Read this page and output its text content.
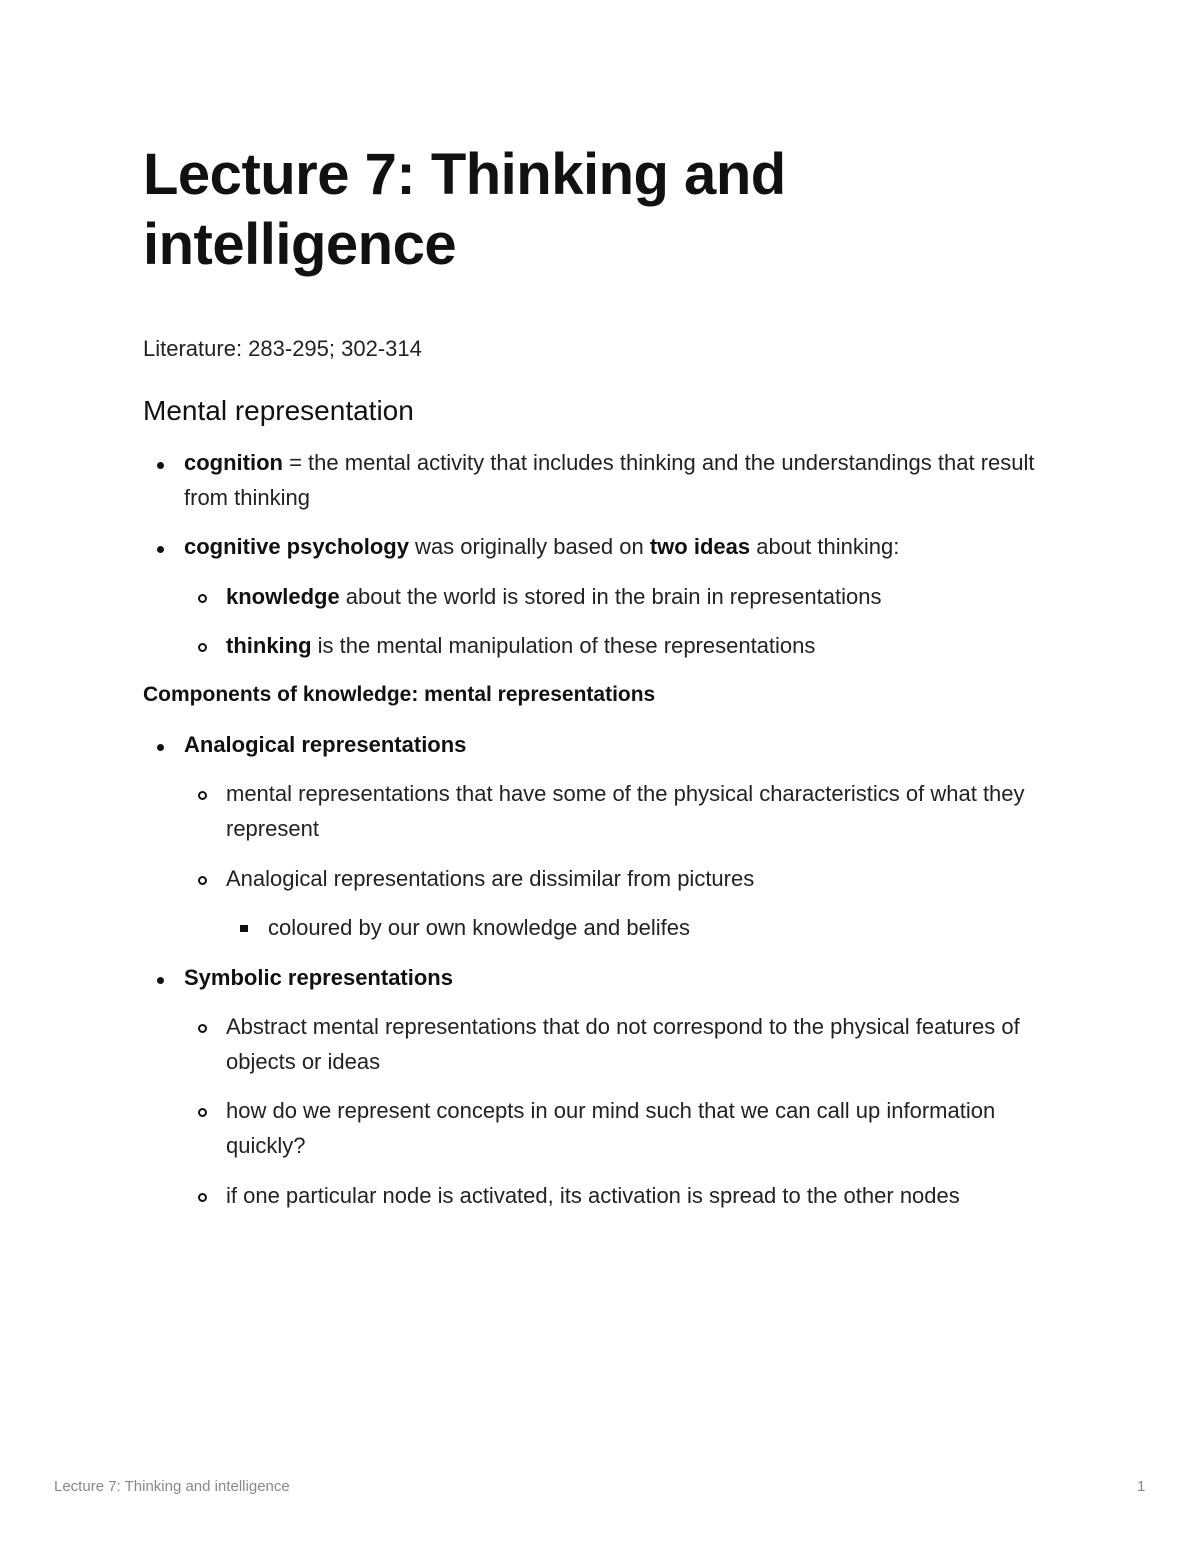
Lecture 7: Thinking and intelligence
Literature: 283-295; 302-314
Mental representation
cognition = the mental activity that includes thinking and the understandings that result from thinking
cognitive psychology was originally based on two ideas about thinking:
knowledge about the world is stored in the brain in representations
thinking is the mental manipulation of these representations
Components of knowledge: mental representations
Analogical representations
mental representations that have some of the physical characteristics of what they represent
Analogical representations are dissimilar from pictures
coloured by our own knowledge and belifes
Symbolic representations
Abstract mental representations that do not correspond to the physical features of objects or ideas
how do we represent concepts in our mind such that we can call up information quickly?
if one particular node is activated, its activation is spread to the other nodes
Lecture 7: Thinking and intelligence	1
